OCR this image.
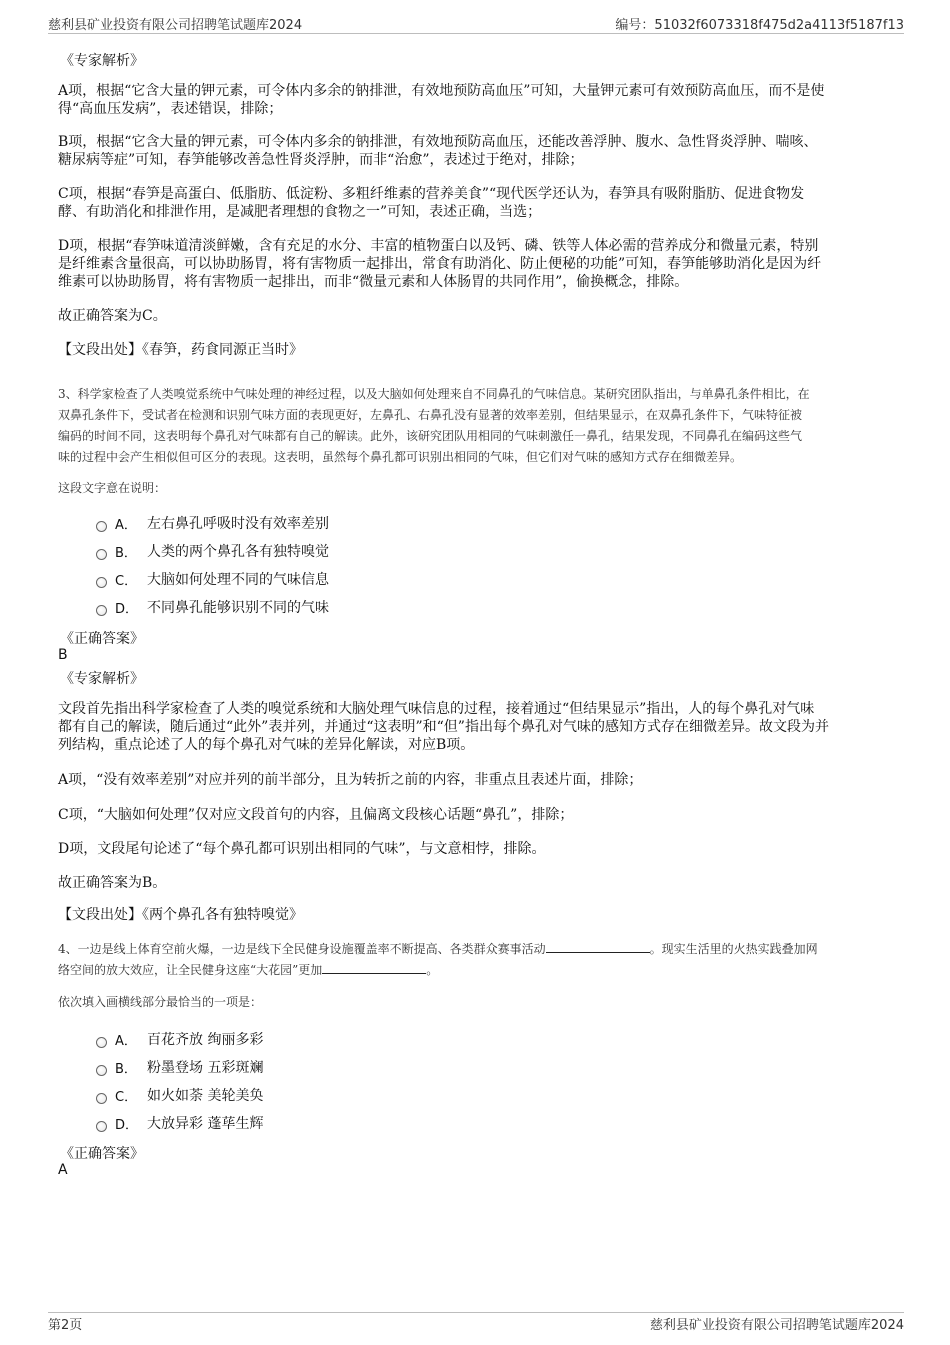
慈利县矿业投资有限公司招聘笔试题库2024	编号：51032f6073318f475d2a4113f5187f13
《专家解析》
A项，根据“它含大量的钾元素，可令体内多余的钠排泄，有效地预防高血压”可知，大量钾元素可有效预防高血压，而不是使
得“高血压发病”，表述错误，排除；
B项，根据“它含大量的钾元素，可令体内多余的钠排泄，有效地预防高血压，还能改善浮肿、腹水、急性肾炎浮肿、喘咳、
糖尿病等症”可知，春笋能够改善急性肾炎浮肿，而非“治愈”，表述过于绝对，排除；
C项，根据“春笋是高蛋白、低脂肪、低淀粉、多粗纤维素的营养美食”“现代医学还认为，春笋具有吸附脂肪、促进食物发
酵、有助消化和排泄作用，是减肥者理想的食物之一”可知，表述正确，当选；
D项，根据“春笋味道清淡鲜嫩，含有充足的水分、丰富的植物蛋白以及钙、磷、铁等人体必需的营养成分和微量元素，特别
是纤维素含量很高，可以协助肠胃，将有害物质一起排出，常食有助消化、防止便秘的功能”可知，春笋能够助消化是因为纤
维素可以协助肠胃，将有害物质一起排出，而非“微量元素和人体肠胃的共同作用”，偷换概念，排除。
故正确答案为C。
【文段出处】《春笋，药食同源正当时》
3、科学家检查了人类嗅觉系统中气味处理的神经过程，以及大脑如何处理来自不同鼻孔的气味信息。某研究团队指出，与单鼻孔条件相比，在
双鼻孔条件下，受试者在检测和识别气味方面的表现更好，左鼻孔、右鼻孔没有显著的效率差别，但结果显示，在双鼻孔条件下，气味特征被
编码的时间不同，这表明每个鼻孔对气味都有自己的解读。此外，该研究团队用相同的气味刺激任一鼻孔，结果发现，不同鼻孔在编码这些气
味的过程中会产生相似但可区分的表现。这表明，虽然每个鼻孔都可识别出相同的气味，但它们对气味的感知方式存在细微差异。
这段文字意在说明：
A． 左右鼻孔呼吸时没有效率差别
B． 人类的两个鼻孔各有独特嗅觉
C． 大脑如何处理不同的气味信息
D． 不同鼻孔能够识别不同的气味
《正确答案》
B
《专家解析》
文段首先指出科学家检查了人类的嗅觉系统和大脑处理气味信息的过程，接着通过“但结果显示”指出，人的每个鼻孔对气味
都有自己的解读，随后通过“此外”表并列，并通过“这表明”和“但”指出每个鼻孔对气味的感知方式存在细微差异。故文段为并
列结构，重点论述了人的每个鼻孔对气味的差异化解读，对应B项。
A项，“没有效率差别”对应并列的前半部分，且为转折之前的内容，非重点且表述片面，排除；
C项，“大脑如何处理”仅对应文段首句的内容，且偏离文段核心话题“鼻孔”，排除；
D项，文段尾句论述了“每个鼻孔都可识别出相同的气味”，与文意相悖，排除。
故正确答案为B。
【文段出处】《两个鼻孔各有独特嗅觉》
4、一边是线上体育空前火爆，一边是线下全民健身设施覆盖率不断提高、各类群众赛事活动	。现实生活里的火热实践叠加网
络空间的放大效应，让全民健身这座“大花园”更加	。
依次填入画横线部分最恰当的一项是：
A． 百花齐放 绚丽多彩
B． 粉墨登场 五彩斑斓
C． 如火如荼 美轮美奂
D． 大放异彩 蓬荜生辉
《正确答案》
A
第2页	慈利县矿业投资有限公司招聘笔试题库2024
